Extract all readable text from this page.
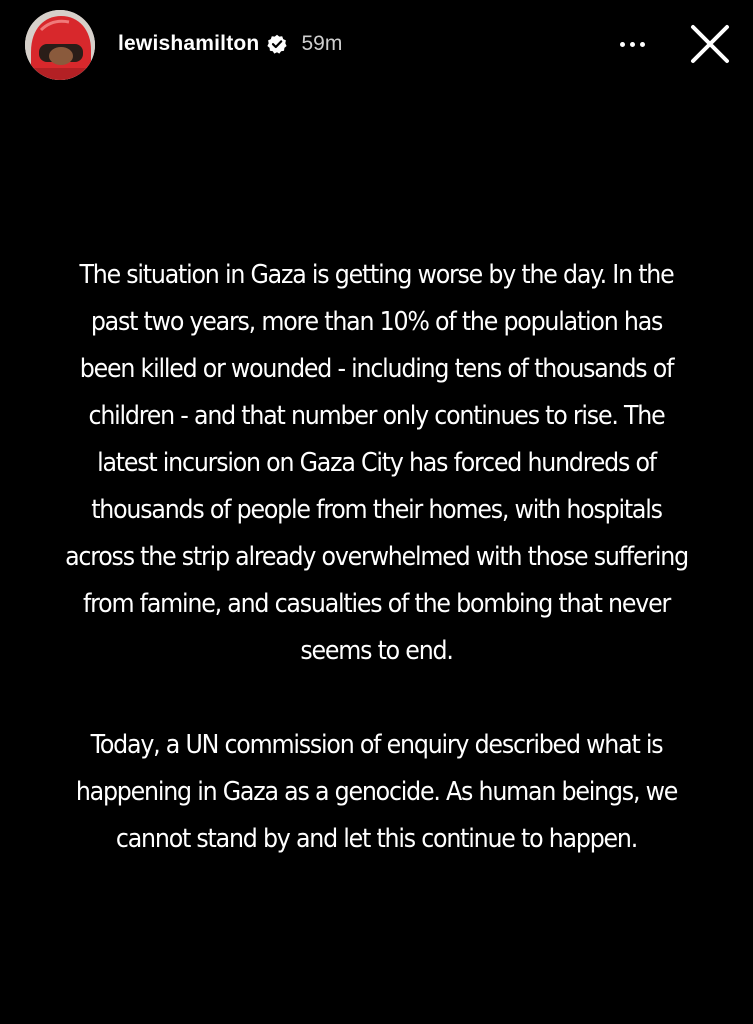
lewishamilton 59m

The situation in Gaza is getting worse by the day. In the past two years, more than 10% of the population has been killed or wounded - including tens of thousands of children - and that number only continues to rise. The latest incursion on Gaza City has forced hundreds of thousands of people from their homes, with hospitals across the strip already overwhelmed with those suffering from famine, and casualties of the bombing that never seems to end.

Today, a UN commission of enquiry described what is happening in Gaza as a genocide. As human beings, we cannot stand by and let this continue to happen.
